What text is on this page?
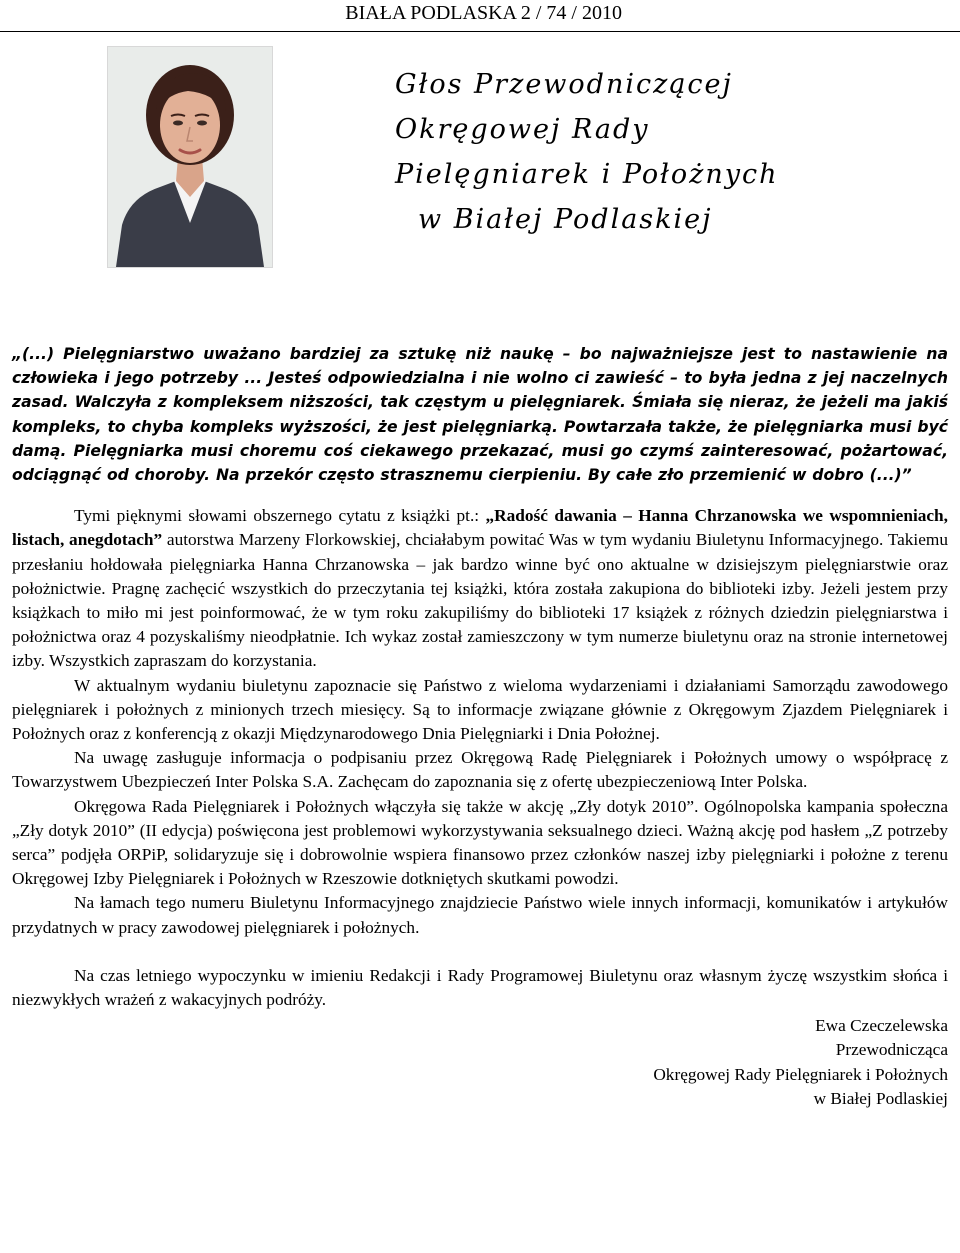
BIAŁA PODLASKA 2 / 74 / 2010
Głos Przewodniczącej
Okręgowej Rady
Pielęgniarek i Położnych
w Białej Podlaskiej

„(...) Pielęgniarstwo uważano bardziej za sztukę niż naukę – bo najważniejsze jest to nastawienie na człowieka i jego potrzeby ... Jesteś odpowiedzialna i nie wolno ci zawieść – to była jedna z jej naczelnych zasad. Walczyła z kompleksem niższości, tak częstym u pielęgniarek. Śmiała się nieraz, że jeżeli ma jakiś kompleks, to chyba kompleks wyższości, że jest pielęgniarką. Powtarzała także, że pielęgniarka musi być damą. Pielęgniarka musi choremu coś ciekawego przekazać, musi go czymś zainteresować, pożartować, odciągnąć od choroby. Na przekór często strasznemu cierpieniu. By całe zło przemienić w dobro (...)”

Tymi pięknymi słowami obszernego cytatu z książki pt.: „Radość dawania – Hanna Chrzanowska we wspomnieniach, listach, anegdotach” autorstwa Marzeny Florkowskiej, chciałabym powitać Was w tym wydaniu Biuletynu Informacyjnego. Takiemu przesłaniu hołdowała pielęgniarka Hanna Chrzanowska – jak bardzo winne być ono aktualne w dzisiejszym pielęgniarstwie oraz położnictwie. Pragnę zachęcić wszystkich do przeczytania tej książki, która została zakupiona do biblioteki izby. Jeżeli jestem przy książkach to miło mi jest poinformować, że w tym roku zakupiliśmy do biblioteki 17 książek z różnych dziedzin pielęgniarstwa i położnictwa oraz 4 pozyskaliśmy nieodpłatnie. Ich wykaz został zamieszczony w tym numerze biuletynu oraz na stronie internetowej izby. Wszystkich zapraszam do korzystania.

W aktualnym wydaniu biuletynu zapoznacie się Państwo z wieloma wydarzeniami i działaniami Samorządu zawodowego pielęgniarek i położnych z minionych trzech miesięcy. Są to informacje związane głównie z Okręgowym Zjazdem Pielęgniarek i Położnych oraz z konferencją z okazji Międzynarodowego Dnia Pielęgniarki i Dnia Położnej.

Na uwagę zasługuje informacja o podpisaniu przez Okręgową Radę Pielęgniarek i Położnych umowy o współpracę z Towarzystwem Ubezpieczeń Inter Polska S.A. Zachęcam do zapoznania się z ofertę ubezpieczeniową Inter Polska.

Okręgowa Rada Pielęgniarek i Położnych włączyła się także w akcję „Zły dotyk 2010”. Ogólnopolska kampania społeczna „Zły dotyk 2010” (II edycja) poświęcona jest problemowi wykorzystywania seksualnego dzieci. Ważną akcję pod hasłem „Z potrzeby serca” podjęła ORPiP, solidaryzuje się i dobrowolnie wspiera finansowo przez członków naszej izby pielęgniarki i położne z terenu Okręgowej Izby Pielęgniarek i Położnych w Rzeszowie dotkniętych skutkami powodzi.

Na łamach tego numeru Biuletynu Informacyjnego znajdziecie Państwo wiele innych informacji, komunikatów i artykułów przydatnych w pracy zawodowej pielęgniarek i położnych.

Na czas letniego wypoczynku w imieniu Redakcji i Rady Programowej Biuletynu oraz własnym życzę wszystkim słońca i niezwykłych wrażeń z wakacyjnych podróży.

Ewa Czeczelewska
Przewodnicząca
Okręgowej Rady Pielęgniarek i Położnych
w Białej Podlaskiej
